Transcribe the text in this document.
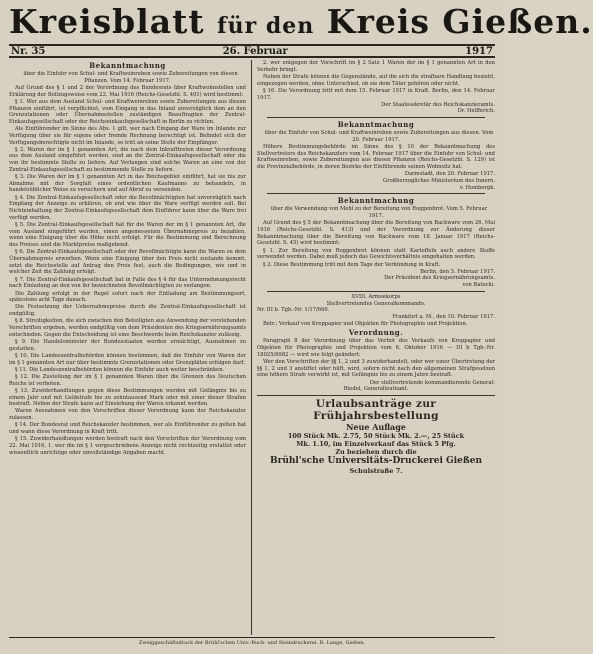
Kreisblatt für den Kreis Gießen.
Nr. 35	26. Februar	1917
Bekanntmachung

über die Einfuhr von Schul- und Kraftweinreben sowie Zubereitungen von diesen Pflanzen. Vom 14. Februar 1917.

Auf Grund des § 1 und 2 der Verordnung des Bundesrats über Kraftwohnstellen und Erklärung der Bollzugsweise vom 22. Mai 1916 (Reichs-Gesetzbl. S. 401) wird bestimmt:

§ 1. Wer aus dem Ausland Schul- und Kraftweinreben sowie Zubereitungen aus diesen Pflanzen einführt, ist verpflichtet, vom Eingang in das Inland unverzüglich dem an den Grenzstationen oder Übernahmestellen zuständigen Beauftragten der Zentral-Einkaufsgesellschaft oder der Reichseinkaufsgesellschaft in Berlin zu richten.

Als Einführender im Sinne des Abs. 1 gilt, wer nach Eingang der Ware im Inlande zur Verfügung über sie für eigene oder fremde Rechnung berechtigt ist. Befindet sich der Verfügungsberechtigte nicht im Inlande, so tritt an seine Stelle der Empfänger.

§ 2. Waren der im § 1 genannten Art, die nach dem Inkrafttreten dieser Verordnung aus dem Ausland eingeführt werden, sind an die Zentral-Einkaufsgesellschaft oder die von ihr bestimmte Stelle zu liefern. Auf Verlangen sind solche Waren an eine von der Zentral-Einkaufsgesellschaft zu bestimmende Stelle zu liefern.

§ 3. Die Waren der im § 1 genannten Art in das Reichsgebiet einführt, hat sie bis zur Abnahme mit der Sorgfalt eines ordentlichen Kaufmanns zu behandeln, in handelsüblicher Weise zu versichern und auf Abruf zu versenden.

§ 4. Die Zentral-Einkaufsgesellschaft oder die Bevollmächtigten hat unverzüglich nach Empfang der Anzeige zu erklären, ob und wie über die Ware verfügt werden soll. Bei Nichteinhaltung der Zentral-Einkaufsgesellschaft dem Einführer kann über die Ware frei verfügt werden.

§ 5. Die Zentral-Einkaufsgesellschaft hat für die Waren der im § 1 genannten Art, die vom Ausland eingeführt werden, einen angemessenen Übernahmepreis zu bezahlen, wenn eine Einigung über die Höhe nicht erfolgt. Für die Bestimmung und Berechnung des Preises sind die Marktpreise maßgebend.

§ 6. Die Zentral-Einkaufsgesellschaft oder der Bevollmächtigte kann die Waren zu dem Übernahmepreis erwerben. Wenn eine Einigung über den Preis nicht zustande kommt, setzt die Reichsstelle auf Antrag den Preis fest, auch die Bedingungen, wie und in welcher Zeit die Zahlung erfolgt.

§ 7. Die Zentral-Einkaufsgesellschaft hat in Falle des § 4 für das Unternehmungsrecht nach Einladung an den von ihr bezeichneten Bevollmächtigten zu verlangen.

Die Zahlung erfolgt in der Regel sofort nach der Entladung am Bestimmungsort, spätestens acht Tage danach.

Die Festsetzung der Uebernahmepreise durch die Zentral-Einkaufsgesellschaft ist endgültig.

§ 8. Streitigkeiten, die sich zwischen den Beteiligten aus Anwendung der vorstehenden Vorschriften ergeben, werden endgültig von dem Präsidenten des Kriegsernährungsamts entschieden. Gegen die Entscheidung ist eine Beschwerde beim Reichskanzler zulässig.

§ 9. Die Handelsminister der Bundesstaaten werden ermächtigt, Ausnahmen zu gestatten.

§ 10. Die Landeszentralbehörden können bestimmen, daß die Einfuhr von Waren der im § 1 genannten Art nur über bestimmte Grenzstationen oder Grenzplätze erfolgen darf.

§ 11. Die Landeszentralbehörden können die Einfuhr auch weiter beschränken.

§ 12. Die Zustellung der im § 1 genannten Waren über die Grenzen des Deutschen Reichs ist verboten.

§ 13. Zuwiderhandlungen gegen diese Bestimmungen werden mit Gefängnis bis zu einem Jahr und mit Geldstrafe bis zu zehntausend Mark oder mit einer dieser Strafen bestraft. Neben der Strafe kann auf Einziehung der Waren erkannt werden.

Waren Ausnahmen von den Vorschriften dieser Verordnung kann der Reichskanzler zulassen.

§ 14. Der Bundesrat und Reichskanzler bestimmen, wer als Einführender zu gelten hat und wann diese Verordnung in Kraft tritt.

§ 15. Zuwiderhandlungen werden bestraft nach den Vorschriften der Verordnung vom 22. Mai 1916, 1. wer die im § 1 vorgeschriebene Anzeige nicht rechtzeitig erstattet oder wissentlich unrichtige oder unvollständige Angaben macht.

2. wer entgegen der Vorschrift im § 2 Satz 1 Waren der im § 1 genannten Art in den Verkehr bringt.

Neben der Strafe können die Gegenstände, auf die sich die strafbare Handlung bezieht, eingezogen werden, ohne Unterschied, ob sie dem Täter gehören oder nicht.

§ 16. Die Verordnung tritt mit dem 15. Februar 1917 in Kraft. Berlin, den 14. Februar 1917.

Der Staatssekretär des Reichskanzleramts.
Dr. Helfferich.
Bekanntmachung

über die Einfuhr von Schul- und Kraftweinreben sowie Zubereitungen aus diesen. Vom 20. Februar 1917.

Höhere Bestimmungsbehörde im Sinne des § 10 der Bekanntmachung des Stellvertreters des Reichskanzlers vom 14. Februar 1917 über die Einfuhr von Schul- und Kraftweinreben, sowie Zubereitungen aus diesen Pflanzen (Reichs-Gesetzbl. S. 129) ist die Provinzialbehörde, in deren Bezirke der Einführende seinen Wohnsitz hat.

Darmstadt, den 20. Februar 1917.
Großherzogliches Ministerium des Innern.
v. Hombergk.
Bekanntmachung

über die Verwendung von Mehl zu der Bereitung von Roggenbrot. Vom 5. Februar 1917.

Auf Grund des § 5 der Bekanntmachung über die Bereitung von Backware vom 26. Mai 1916 (Reichs-Gesetzbl. S. 413) und der Verordnung zur Änderung dieser Bekanntmachung über die Bereitung von Backware vom 18. Januar 1917 (Reichs-Gesetzbl. S. 45) wird bestimmt:

§ 1. Zur Bereitung von Roggenbrot können statt Kartoffeln auch andere Stoffe verwendet werden. Dabei muß jedoch das Gewichtsverhältnis eingehalten werden.

§ 2. Diese Bestimmung tritt mit dem Tage der Verkündung in Kraft.

Berlin, den 5. Februar 1917.
Der Präsident des Kriegsernährungsamts.
von Batocki.
XVIII. Armeekorps
Stellvertretendes Generalkommando.
Nr. III b. Tgb.-Nr. 1/17/660.
Frankfurt a. M., den 10. Februar 1917.

Betr.: Verkauf von Kreppapier und Objekten für Photographie und Projektion.

Verordnung.

Paragraph 8 der Verordnung über das Verbot des Verkaufs von Kreppapier und Objekten für Photographie und Projektion vom 6. Oktober 1916 — III b Tgb.-Nr. 18025/6982 — wird wie folgt geändert:

Wer den Vorschriften der §§ 1, 2 und 3 zuwiderhandelt, oder wer einer Übertretung der §§ 1, 2 und 3 anstiftet oder hilft, wird, sofern nicht nach den allgemeinen Strafgesetzen eine höhere Strafe verwirkt ist, mit Gefängnis bis zu einem Jahre bestraft.

Der stellvertretende kommandierende General:
Riedel, Generalleutnant.
Urlaubsanträge zur Frühjahrsbestellung
Neue Auflage
100 Stück Mk. 2.75, 50 Stück Mk. 2.—, 25 Stück
Mk. 1.10, im Einzelverkauf das Stück 5 Pfg.
Zu beziehen durch die
Brühl'sche Universitäts-Druckerei Gießen
Schulstraße 7.
Zweiggeschäftsdruck der Brühl'schen Univ.-Buch- und Steindruckerei. R. Lange, Gießen.
